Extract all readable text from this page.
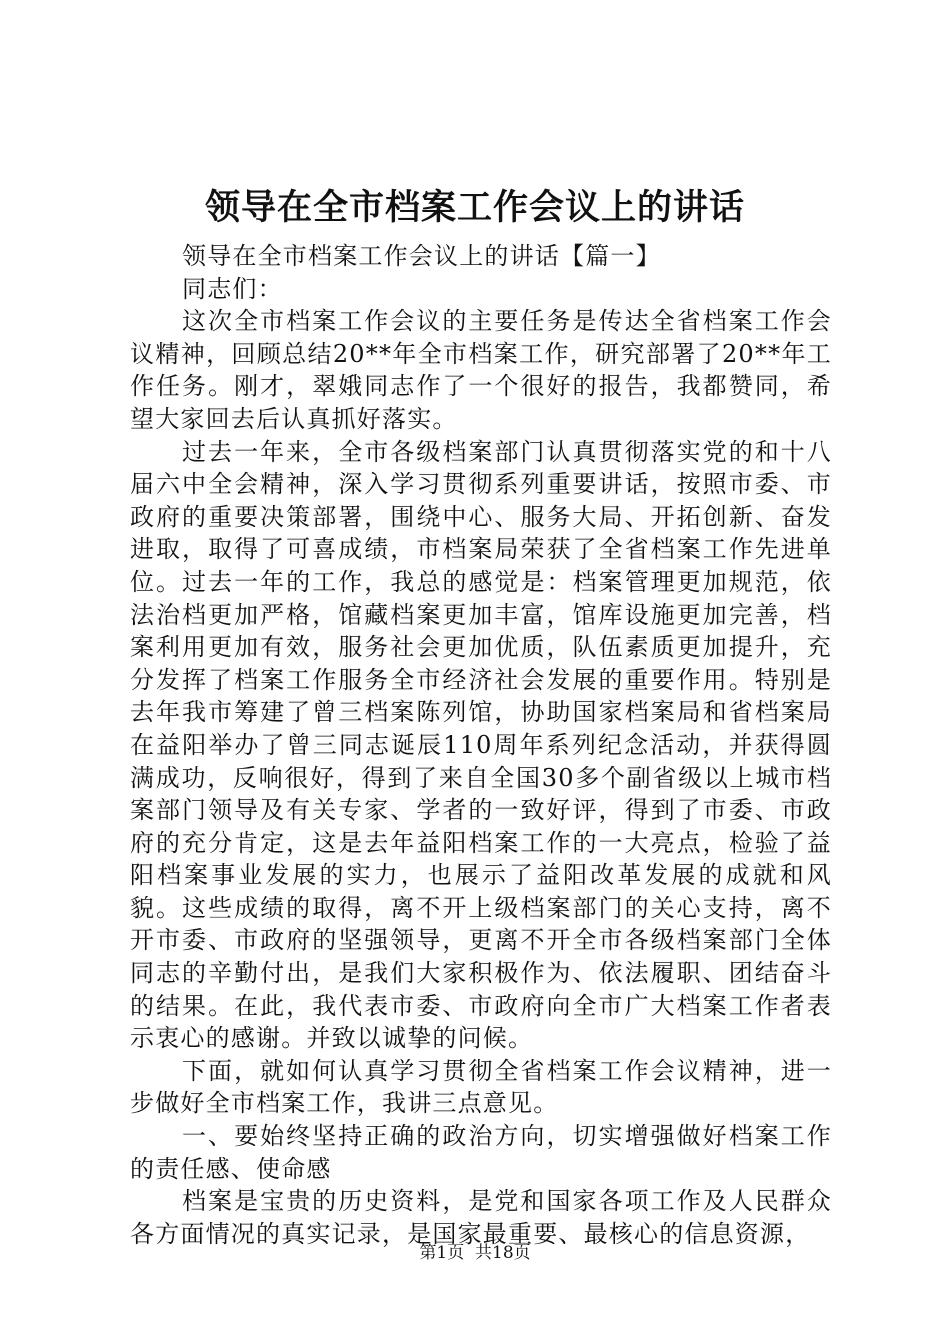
领导在全市档案工作会议上的讲话

领导在全市档案工作会议上的讲话【篇一】

同志们：

这次全市档案工作会议的主要任务是传达全省档案工作会议精神，回顾总结20**年全市档案工作，研究部署了20**年工作任务。刚才，翠娥同志作了一个很好的报告，我都赞同，希望大家回去后认真抓好落实。

过去一年来，全市各级档案部门认真贯彻落实党的和十八届六中全会精神，深入学习贯彻系列重要讲话，按照市委、市政府的重要决策部署，围绕中心、服务大局、开拓创新、奋发进取，取得了可喜成绩，市档案局荣获了全省档案工作先进单位。过去一年的工作，我总的感觉是：档案管理更加规范，依法治档更加严格，馆藏档案更加丰富，馆库设施更加完善，档案利用更加有效，服务社会更加优质，队伍素质更加提升，充分发挥了档案工作服务全市经济社会发展的重要作用。特别是去年我市筹建了曾三档案陈列馆，协助国家档案局和省档案局在益阳举办了曾三同志诞辰110周年系列纪念活动，并获得圆满成功，反响很好，得到了来自全国30多个副省级以上城市档案部门领导及有关专家、学者的一致好评，得到了市委、市政府的充分肯定，这是去年益阳档案工作的一大亮点，检验了益阳档案事业发展的实力，也展示了益阳改革发展的成就和风貌。这些成绩的取得，离不开上级档案部门的关心支持，离不开市委、市政府的坚强领导，更离不开全市各级档案部门全体同志的辛勤付出，是我们大家积极作为、依法履职、团结奋斗的结果。在此，我代表市委、市政府向全市广大档案工作者表示衷心的感谢。并致以诚挚的问候。

下面，就如何认真学习贯彻全省档案工作会议精神，进一步做好全市档案工作，我讲三点意见。

一、要始终坚持正确的政治方向，切实增强做好档案工作的责任感、使命感

档案是宝贵的历史资料，是党和国家各项工作及人民群众各方面情况的真实记录，是国家最重要、最核心的信息资源，

第1页 共18页
